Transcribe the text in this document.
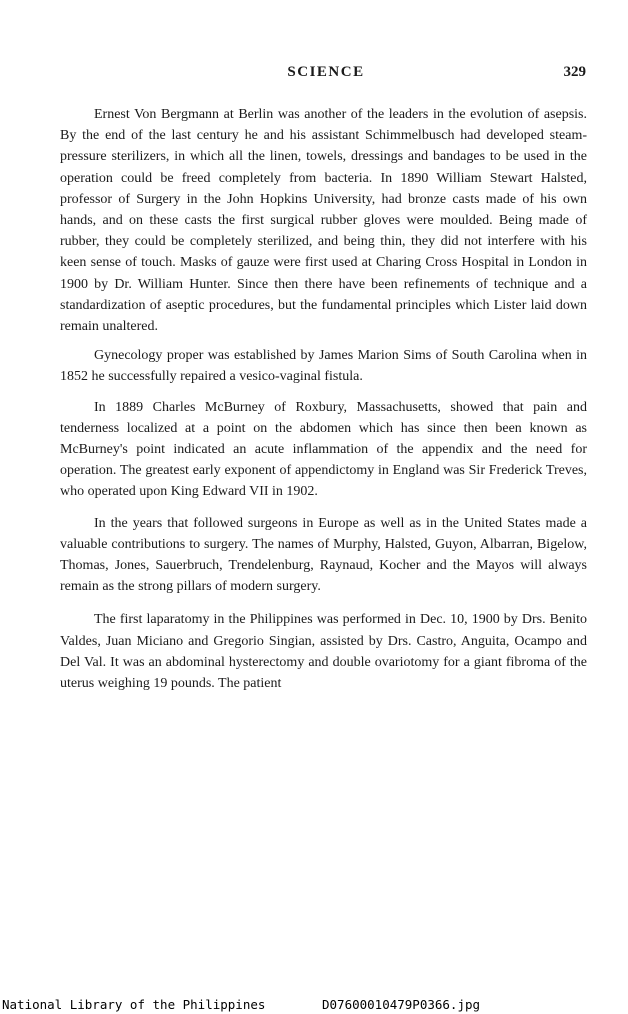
SCIENCE	329

Ernest Von Bergmann at Berlin was another of the leaders in the evolution of asepsis. By the end of the last century he and his assistant Schimmelbusch had developed steam-pressure sterilizers, in which all the linen, towels, dressings and bandages to be used in the operation could be freed completely from bacteria. In 1890 William Stewart Halsted, professor of Surgery in the John Hopkins University, had bronze casts made of his own hands, and on these casts the first surgical rubber gloves were moulded. Being made of rubber, they could be completely sterilized, and being thin, they did not interfere with his keen sense of touch. Masks of gauze were first used at Charing Cross Hospital in London in 1900 by Dr. William Hunter. Since then there have been refinements of technique and a standardization of aseptic procedures, but the fundamental principles which Lister laid down remain unaltered.

Gynecology proper was established by James Marion Sims of South Carolina when in 1852 he successfully repaired a vesico-vaginal fistula.

In 1889 Charles McBurney of Roxbury, Massachusetts, showed that pain and tenderness localized at a point on the abdomen which has since then been known as McBurney's point indicated an acute inflammation of the appendix and the need for operation. The greatest early exponent of appendictomy in England was Sir Frederick Treves, who operated upon King Edward VII in 1902.

In the years that followed surgeons in Europe as well as in the United States made a valuable contributions to surgery. The names of Murphy, Halsted, Guyon, Albarran, Bigelow, Thomas, Jones, Sauerbruch, Trendelenburg, Raynaud, Kocher and the Mayos will always remain as the strong pillars of modern surgery.

The first laparatomy in the Philippines was performed in Dec. 10, 1900 by Drs. Benito Valdes, Juan Miciano and Gregorio Singian, assisted by Drs. Castro, Anguita, Ocampo and Del Val. It was an abdominal hysterectomy and double ovariotomy for a giant fibroma of the uterus weighing 19 pounds. The patient

National Library of the Philippines	D07600010479P0366.jpg
